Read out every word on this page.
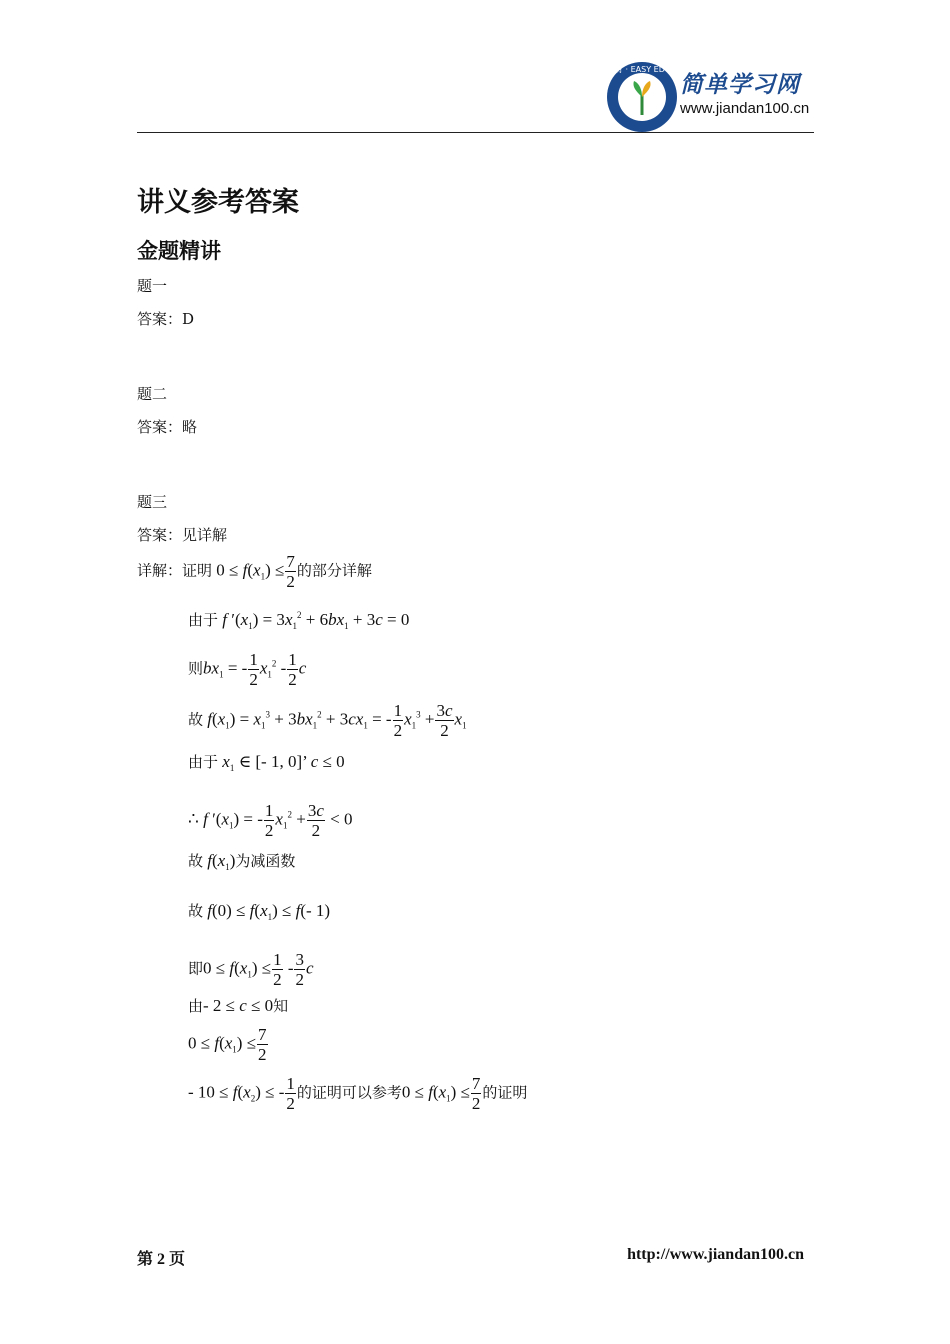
简 单 教 育 · EASY EDUCATION
简单学习网
www.jiandan100.cn
讲义参考答案
金题精讲
题一
答案：D
题二
答案：略
题三
答案：见详解
详解：证明 $0 \le f(x_1) \le \frac{7}{2}$ 的部分详解
由于 f $'(x_1) = 3x_1^2 + 6bx_1 + 3c = 0$
则$bx_1$ = - $\frac{1}{2} x_1^2 - \frac{1}{2}$ c
故 $f(x_1) = x_1^3 + 3bx_1^2 + 3cx_1$ = - $\frac{1}{2} x_1^3 + \frac{3c}{2} x_1$
由于 $x_1$ ∈ [- 1, 0]’ c ≤ 0
∴ f $'(x_1)$ = - $\frac{1}{2} x_1^2 + \frac{3c}{2} < 0$
故 $f(x_1)$为减函数
故 $f(0) \le f(x_1) \le f(-$ 1)
即$0 \le f(x_1) \le \frac{1}{2} - \frac{3}{2}$ c
由- 2 ≤ c ≤ 0知
$0 \le f(x_1) \le \frac{7}{2}$
- $10 \le f(x_2)$ ≤ - $\frac{1}{2}$ 的证明可以参考$0 \le f(x_1) \le \frac{7}{2}$ 的证明
第 2 页	http://www.jiandan100.cn
